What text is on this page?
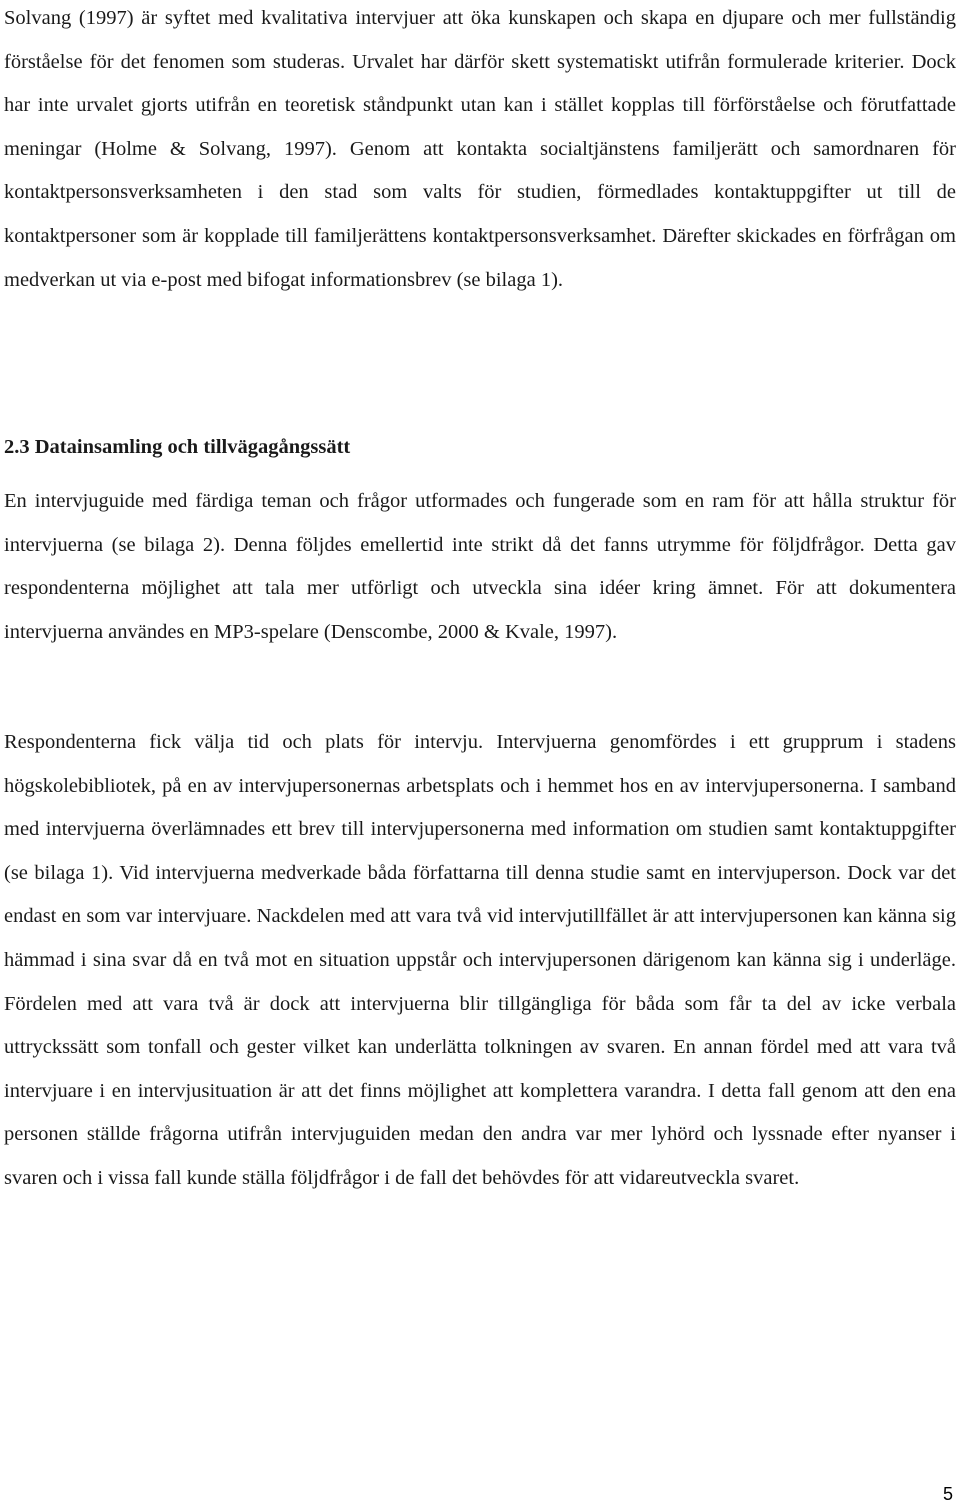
Solvang (1997) är syftet med kvalitativa intervjuer att öka kunskapen och skapa en djupare och mer fullständig förståelse för det fenomen som studeras. Urvalet har därför skett systematiskt utifrån formulerade kriterier. Dock har inte urvalet gjorts utifrån en teoretisk ståndpunkt utan kan i stället kopplas till förförståelse och förutfattade meningar (Holme & Solvang, 1997). Genom att kontakta socialtjänstens familjerätt och samordnaren för kontaktpersonsverksamheten i den stad som valts för studien, förmedlades kontaktuppgifter ut till de kontaktpersoner som är kopplade till familjerättens kontaktpersonsverksamhet. Därefter skickades en förfrågan om medverkan ut via e-post med bifogat informationsbrev (se bilaga 1).

2.3 Datainsamling och tillvägagångssätt

En intervjuguide med färdiga teman och frågor utformades och fungerade som en ram för att hålla struktur för intervjuerna (se bilaga 2). Denna följdes emellertid inte strikt då det fanns utrymme för följdfrågor. Detta gav respondenterna möjlighet att tala mer utförligt och utveckla sina idéer kring ämnet. För att dokumentera intervjuerna användes en MP3-spelare (Denscombe, 2000 & Kvale, 1997).

Respondenterna fick välja tid och plats för intervju. Intervjuerna genomfördes i ett grupprum i stadens högskolebibliotek, på en av intervjupersonernas arbetsplats och i hemmet hos en av intervjupersonerna. I samband med intervjuerna överlämnades ett brev till intervjupersonerna med information om studien samt kontaktuppgifter (se bilaga 1). Vid intervjuerna medverkade båda författarna till denna studie samt en intervjuperson. Dock var det endast en som var intervjuare. Nackdelen med att vara två vid intervjutillfället är att intervjupersonen kan känna sig hämmad i sina svar då en två mot en situation uppstår och intervjupersonen därigenom kan känna sig i underläge. Fördelen med att vara två är dock att intervjuerna blir tillgängliga för båda som får ta del av icke verbala uttryckssätt som tonfall och gester vilket kan underlätta tolkningen av svaren. En annan fördel med att vara två intervjuare i en intervjusituation är att det finns möjlighet att komplettera varandra. I detta fall genom att den ena personen ställde frågorna utifrån intervjuguiden medan den andra var mer lyhörd och lyssnade efter nyanser i svaren och i vissa fall kunde ställa följdfrågor i de fall det behövdes för att vidareutveckla svaret.

5
